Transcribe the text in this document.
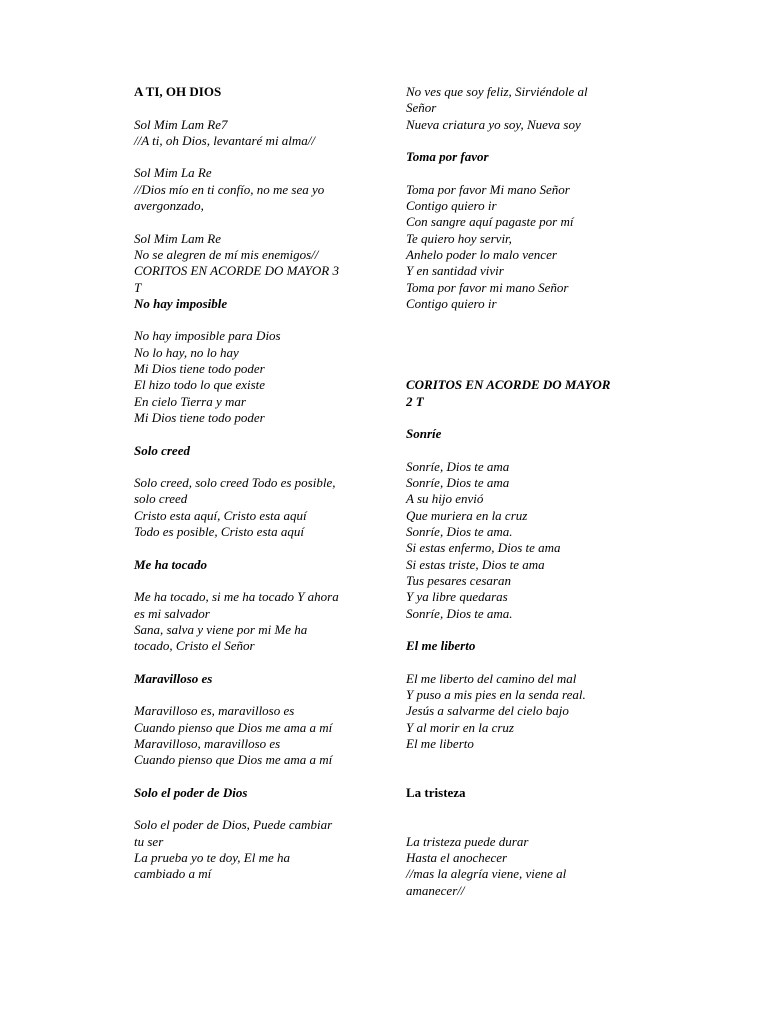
A TI, OH DIOS
Sol Mim Lam Re7
//A ti, oh Dios, levantaré mi alma//
Sol Mim La Re
//Dios mío en ti confío, no me sea yo
avergonzado,
Sol Mim Lam Re
No se alegren de mí mis enemigos//
CORITOS EN ACORDE DO MAYOR 3
T
No hay imposible
No hay imposible para Dios
No lo hay, no lo hay
Mi Dios tiene todo poder
El hizo todo lo que existe
En cielo Tierra y mar
Mi Dios tiene todo poder
Solo creed
Solo creed, solo creed Todo es posible,
solo creed
Cristo esta aquí, Cristo esta aquí
Todo es posible, Cristo esta aquí
Me ha tocado
Me ha tocado, si me ha tocado Y ahora
es mi salvador
Sana, salva y viene por mi Me ha
tocado, Cristo el Señor
Maravilloso es
Maravilloso es, maravilloso es
Cuando pienso que Dios me ama a mí
Maravilloso, maravilloso es
Cuando pienso que Dios me ama a mí
Solo el poder de Dios
Solo el poder de Dios, Puede cambiar
tu ser
La prueba yo te doy, El me ha
cambiado a mí
No ves que soy feliz, Sirviéndole al
Señor
Nueva criatura yo soy, Nueva soy
Toma por favor
Toma por favor Mi mano Señor
Contigo quiero ir
Con sangre aquí pagaste por mí
Te quiero hoy servir,
Anhelo poder lo malo vencer
Y en santidad vivir
Toma por favor mi mano Señor
Contigo quiero ir
CORITOS EN ACORDE DO MAYOR
2 T
Sonríe
Sonríe, Dios te ama
Sonríe, Dios te ama
A su hijo envió
Que muriera en la cruz
Sonríe, Dios te ama.
Si estas enfermo, Dios te ama
Si estas triste, Dios te ama
Tus pesares cesaran
Y ya libre quedaras
Sonríe, Dios te ama.
El me liberto
El me liberto del camino del mal
Y puso a mis pies en la senda real.
Jesús a salvarme del cielo bajo
Y al morir en la cruz
El me liberto
La tristeza
La tristeza puede durar
Hasta el anochecer
//mas la alegría viene, viene al
amanecer//
